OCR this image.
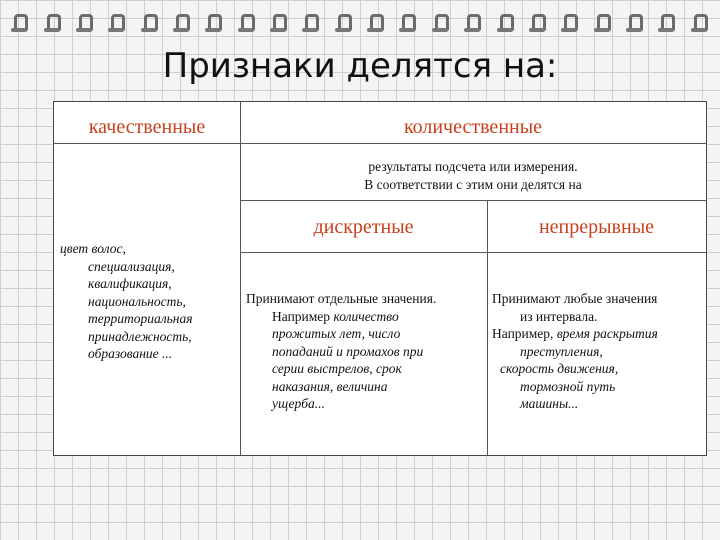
Признаки делятся на:
качественные	количественные
результаты подсчета или измерения.
В соответствии с этим они делятся на
дискретные	непрерывные
цвет волос,
специализация,
квалификация,
национальность,
территориальная
принадлежность,
образование ...
Принимают отдельные значения.
Например количество
прожитых лет, число
попаданий и промахов при
серии выстрелов, срок
наказания, величина
ущерба...
Принимают любые значения
из интервала.
Например, время раскрытия
преступления,
скорость движения,
тормозной путь
машины...
